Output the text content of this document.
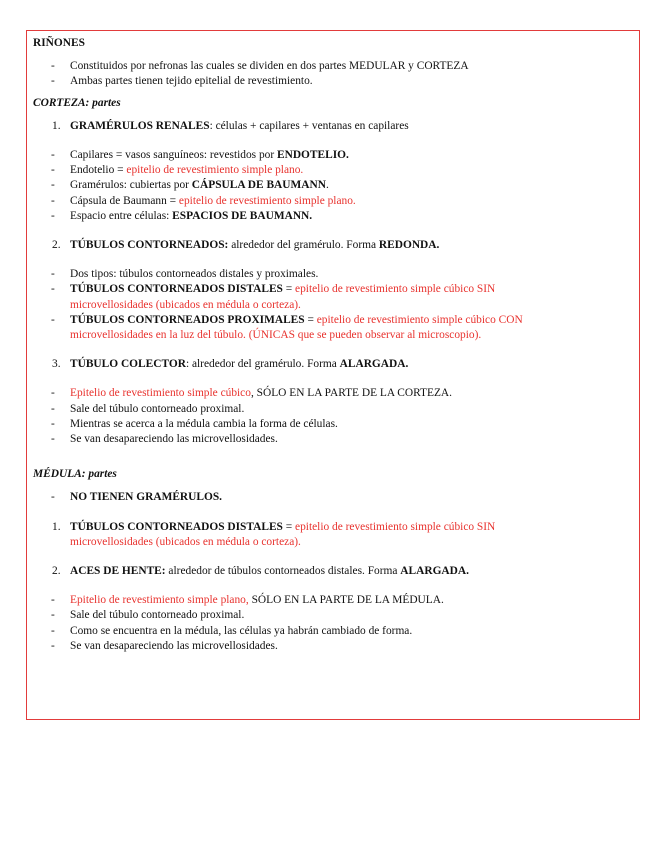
RIÑONES

- Constituidos por nefronas las cuales se dividen en dos partes MEDULAR y CORTEZA

- Ambas partes tienen tejido epitelial de revestimiento.

CORTEZA: partes

1. GRAMÉRULOS RENALES: células + capilares + ventanas en capilares

- Capilares = vasos sanguíneos: revestidos por ENDOTELIO.

- Endotelio = epitelio de revestimiento simple plano.

- Gramérulos: cubiertas por CÁPSULA DE BAUMANN.

- Cápsula de Baumann = epitelio de revestimiento simple plano.

- Espacio entre células: ESPACIOS DE BAUMANN.

2. TÚBULOS CONTORNEADOS: alrededor del gramérulo. Forma REDONDA.

- Dos tipos: túbulos contorneados distales y proximales.

- TÚBULOS CONTORNEADOS DISTALES = epitelio de revestimiento simple cúbico SIN
microvellosidades (ubicados en médula o corteza).

- TÚBULOS CONTORNEADOS PROXIMALES = epitelio de revestimiento simple cúbico CON
microvellosidades en la luz del túbulo. (ÚNICAS que se pueden observar al microscopio).

3. TÚBULO COLECTOR: alrededor del gramérulo. Forma ALARGADA.

- Epitelio de revestimiento simple cúbico, SÓLO EN LA PARTE DE LA CORTEZA.

- Sale del túbulo contorneado proximal.

- Mientras se acerca a la médula cambia la forma de células.

- Se van desapareciendo las microvellosidades.

MÉDULA: partes

- NO TIENEN GRAMÉRULOS.

1. TÚBULOS CONTORNEADOS DISTALES = epitelio de revestimiento simple cúbico SIN
microvellosidades (ubicados en médula o corteza).

2. ACES DE HENTE: alrededor de túbulos contorneados distales. Forma ALARGADA.

- Epitelio de revestimiento simple plano, SÓLO EN LA PARTE DE LA MÉDULA.

- Sale del túbulo contorneado proximal.

- Como se encuentra en la médula, las células ya habrán cambiado de forma.

- Se van desapareciendo las microvellosidades.
